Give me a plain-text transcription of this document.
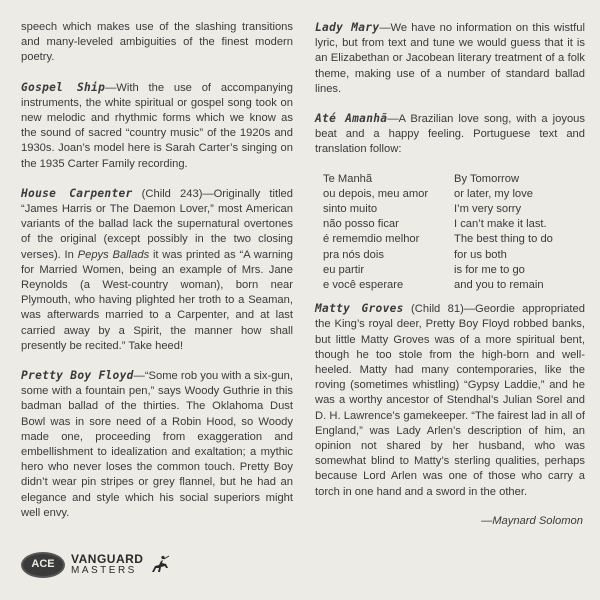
speech which makes use of the slashing transitions and many-leveled ambiguities of the finest modern poetry.

Gospel Ship—With the use of accompanying instruments, the white spiritual or gospel song took on new melodic and rhythmic forms which we know as the sound of sacred “country music” of the 1920s and 1930s. Joan’s model here is Sarah Carter’s singing on the 1935 Carter Family recording.

House Carpenter (Child 243)—Originally titled “James Harris or The Daemon Lover,” most American variants of the ballad lack the supernatural overtones of the original (except possibly in the two closing verses). In Pepys Ballads it was printed as “A warning for Married Women, being an example of Mrs. Jane Reynolds (a West-country woman), born near Plymouth, who having plighted her troth to a Seaman, was afterwards married to a Carpenter, and at last carried away by a Spirit, the manner how shall presently be recited.” Take heed!

Pretty Boy Floyd—“Some rob you with a six-gun, some with a fountain pen,” says Woody Guthrie in this badman ballad of the thirties. The Oklahoma Dust Bowl was in sore need of a Robin Hood, so Woody made one, proceeding from exaggeration and embellishment to idealization and exaltation; a mythic hero who never loses the common touch. Pretty Boy didn’t wear pin stripes or grey flannel, but he had an elegance and style which his social superiors might well envy.

Lady Mary—We have no information on this wistful lyric, but from text and tune we would guess that it is an Elizabethan or Jacobean literary treatment of a folk theme, making use of a number of standard ballad lines.

Até Amanhã—A Brazilian love song, with a joyous beat and a happy feeling. Portuguese text and translation follow:

Te Manhã
ou depois, meu amor
sinto muito
não posso ficar
é rememdio melhor
pra nós dois
eu partir
e você esperare
By Tomorrow
or later, my love
I’m very sorry
I can’t make it last.
The best thing to do
for us both
is for me to go
and you to remain

Matty Groves (Child 81)—Geordie appropriated the King’s royal deer, Pretty Boy Floyd robbed banks, but little Matty Groves was of a more spiritual bent, though he too stole from the high-born and well-heeled. Matty had many contemporaries, like the roving (sometimes whistling) “Gypsy Laddie,” and he was a worthy ancestor of Stendhal’s Julian Sorel and D. H. Lawrence’s gamekeeper. “The fairest lad in all of England,” was Lady Arlen’s description of him, an opinion not shared by her husband, who was somewhat blind to Matty’s sterling qualities, perhaps because Lord Arlen was one of those who carry a torch in one hand and a sword in the other.

—Maynard Solomon
ACE	VANGUARD
MASTERS
